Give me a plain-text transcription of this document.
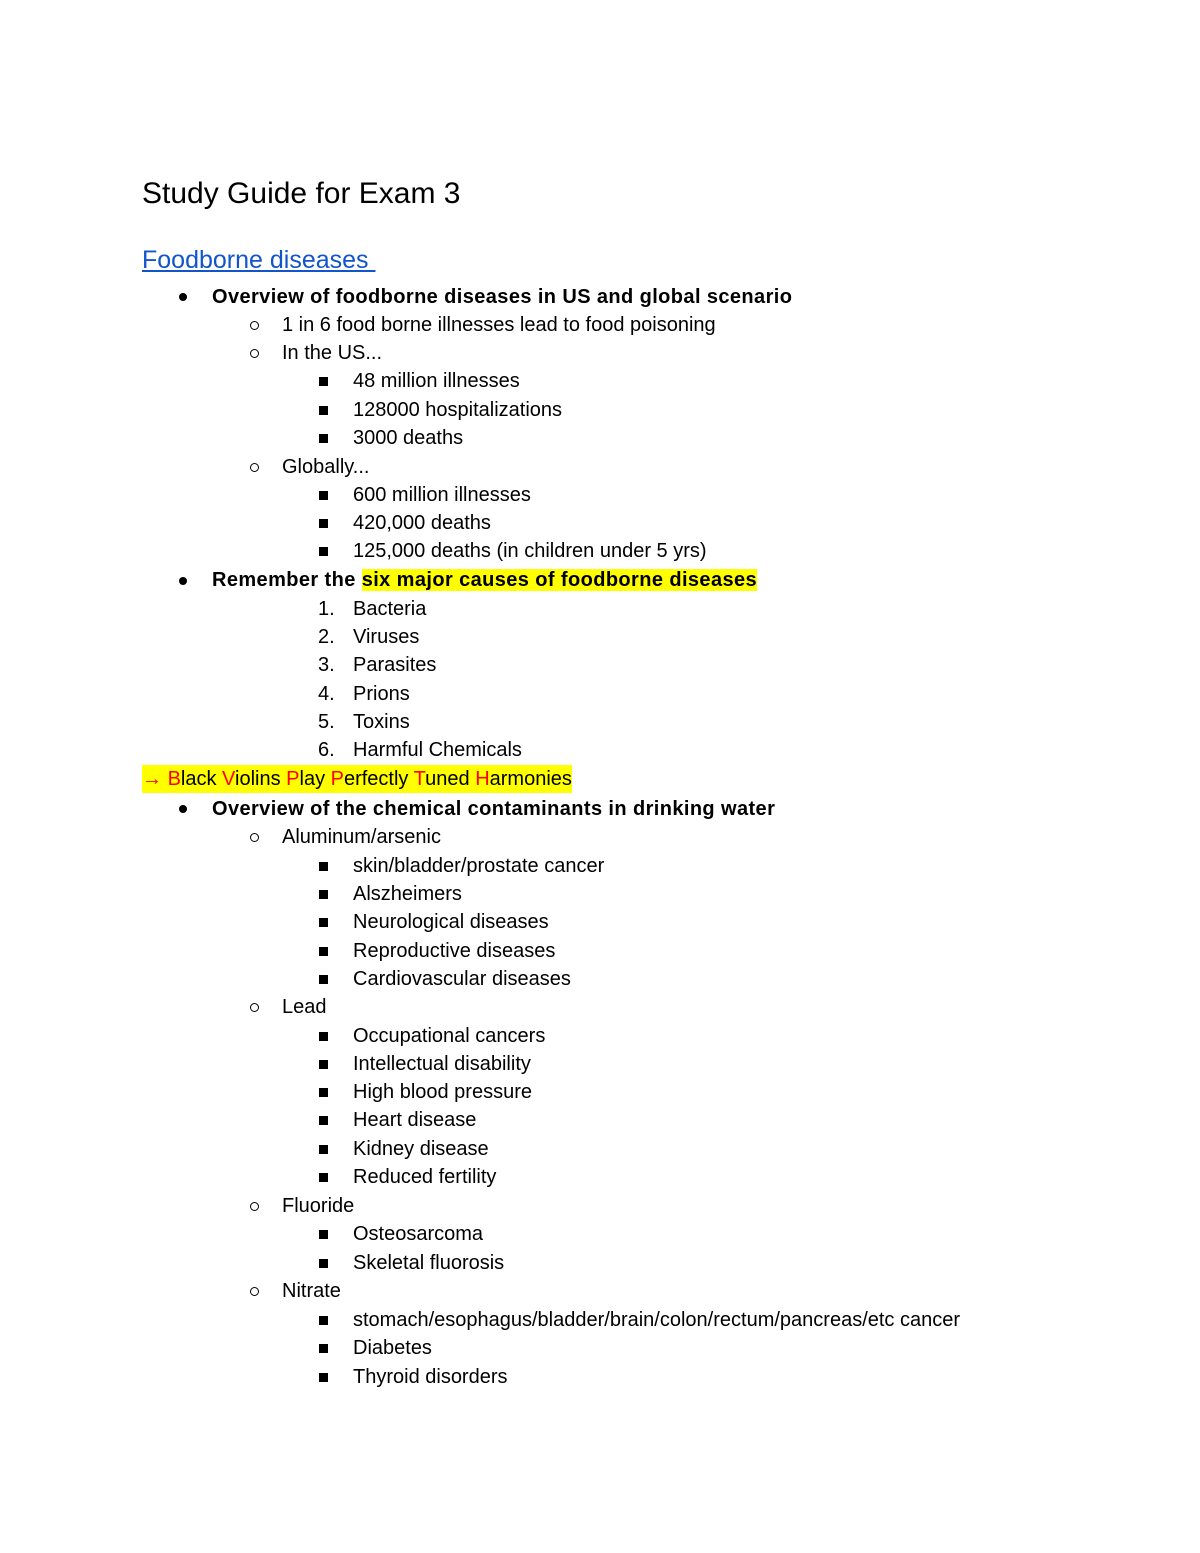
Study Guide for Exam 3
Foodborne diseases
Overview of foodborne diseases in US and global scenario
1 in 6 food borne illnesses lead to food poisoning
In the US...
48 million illnesses
128000 hospitalizations
3000 deaths
Globally...
600 million illnesses
420,000 deaths
125,000 deaths (in children under 5 yrs)
Remember the six major causes of foodborne diseases
1. Bacteria
2. Viruses
3. Parasites
4. Prions
5. Toxins
6. Harmful Chemicals
→ Black Violins Play Perfectly Tuned Harmonies
Overview of the chemical contaminants in drinking water
Aluminum/arsenic
skin/bladder/prostate cancer
Alszheimers
Neurological diseases
Reproductive diseases
Cardiovascular diseases
Lead
Occupational cancers
Intellectual disability
High blood pressure
Heart disease
Kidney disease
Reduced fertility
Fluoride
Osteosarcoma
Skeletal fluorosis
Nitrate
stomach/esophagus/bladder/brain/colon/rectum/pancreas/etc cancer
Diabetes
Thyroid disorders
